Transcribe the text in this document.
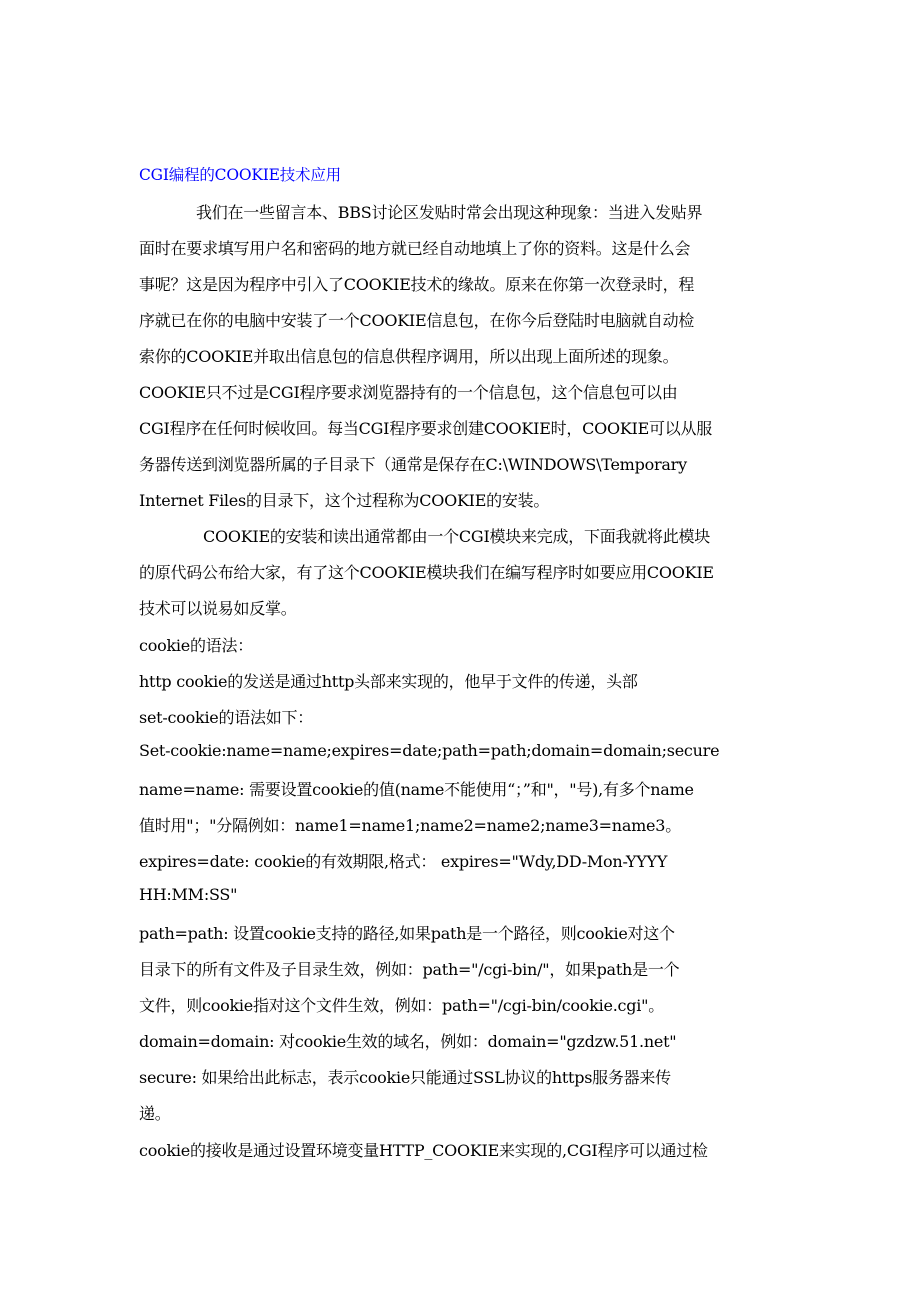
CGI编程的COOKIE技术应用
我们在一些留言本、BBS讨论区发贴时常会出现这种现象：当进入发贴界
面时在要求填写用户名和密码的地方就已经自动地填上了你的资料。这是什么会
事呢？这是因为程序中引入了COOKIE技术的缘故。原来在你第一次登录时，程
序就已在你的电脑中安装了一个COOKIE信息包，在你今后登陆时电脑就自动检
索你的COOKIE并取出信息包的信息供程序调用，所以出现上面所述的现象。
COOKIE只不过是CGI程序要求浏览器持有的一个信息包，这个信息包可以由
CGI程序在任何时候收回。每当CGI程序要求创建COOKIE时，COOKIE可以从服
务器传送到浏览器所属的子目录下（通常是保存在C:\WINDOWS\Temporary
Internet Files的目录下，这个过程称为COOKIE的安装。
COOKIE的安装和读出通常都由一个CGI模块来完成，下面我就将此模块
的原代码公布给大家，有了这个COOKIE模块我们在编写程序时如要应用COOKIE
技术可以说易如反掌。
cookie的语法：
http cookie的发送是通过http头部来实现的，他早于文件的传递，头部
set-cookie的语法如下：
Set-cookie:name=name;expires=date;path=path;domain=domain;secure
name=name: 需要设置cookie的值(name不能使用“；”和"，"号),有多个name
值时用"；"分隔例如：name1=name1;name2=name2;name3=name3。
expires=date: cookie的有效期限,格式： expires="Wdy,DD-Mon-YYYY
HH:MM:SS"
path=path: 设置cookie支持的路径,如果path是一个路径，则cookie对这个
目录下的所有文件及子目录生效，例如：path="/cgi-bin/"，如果path是一个
文件，则cookie指对这个文件生效，例如：path="/cgi-bin/cookie.cgi"。
domain=domain: 对cookie生效的域名，例如：domain="gzdzw.51.net"
secure: 如果给出此标志，表示cookie只能通过SSL协议的https服务器来传
递。
cookie的接收是通过设置环境变量HTTP_COOKIE来实现的,CGI程序可以通过检
